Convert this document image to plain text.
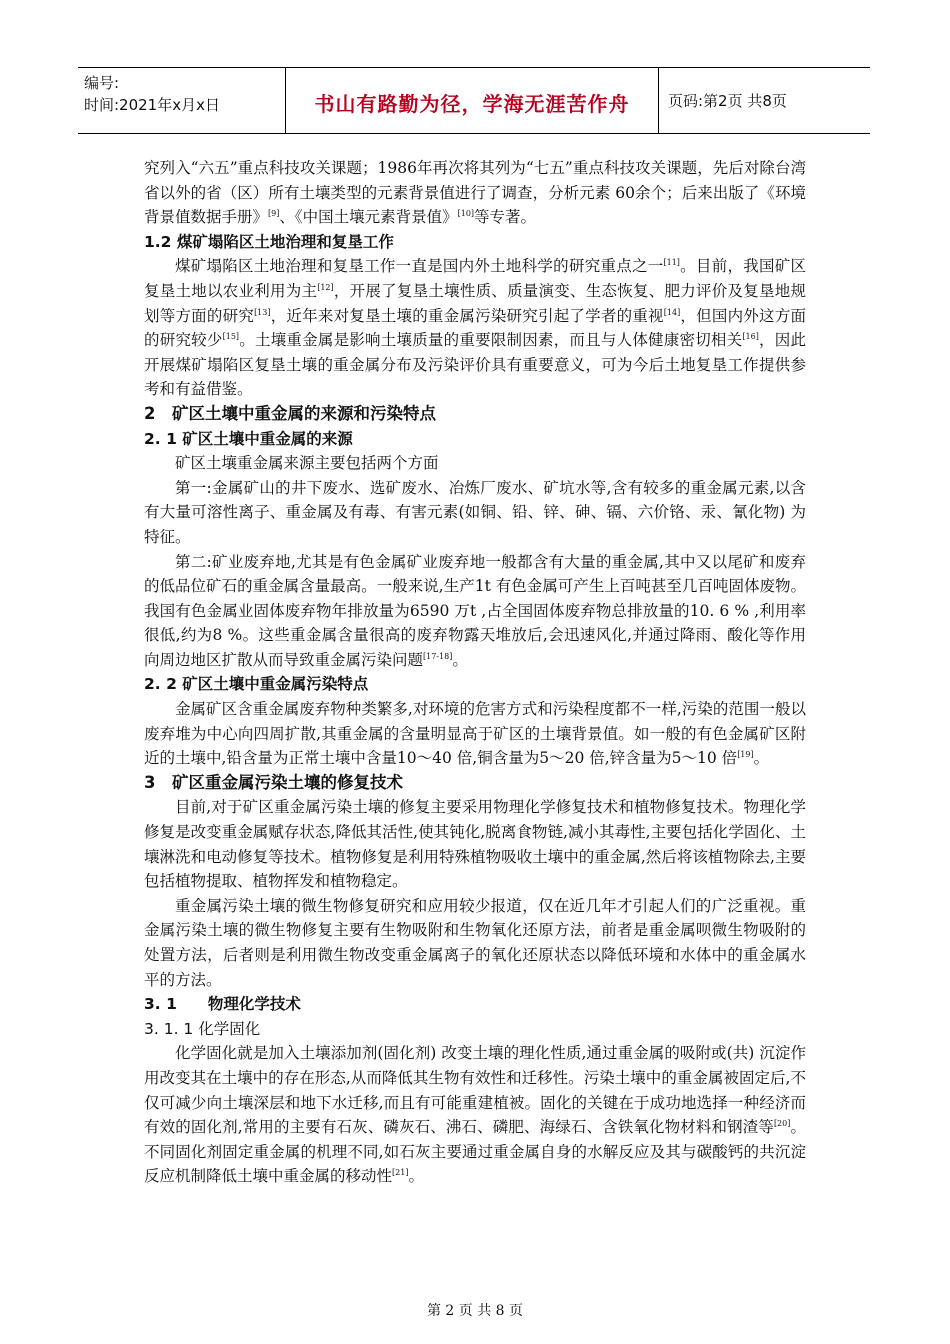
编号:
时间:2021年x月x日	书山有路勤为径，学海无涯苦作舟	页码:第2页 共8页

究列入“六五”重点科技攻关课题；1986年再次将其列为“七五”重点科技攻关课题，先后对除台湾省以外的省（区）所有土壤类型的元素背景值进行了调查，分析元素 60余个；后来出版了《环境背景值数据手册》[9]、《中国土壤元素背景值》[10]等专著。

1.2 煤矿塌陷区土地治理和复垦工作

煤矿塌陷区土地治理和复垦工作一直是国内外土地科学的研究重点之一[11]。目前，我国矿区复垦土地以农业利用为主[12]，开展了复垦土壤性质、质量演变、生态恢复、肥力评价及复垦地规划等方面的研究[13]，近年来对复垦土壤的重金属污染研究引起了学者的重视[14]，但国内外这方面的研究较少[15]。土壤重金属是影响土壤质量的重要限制因素，而且与人体健康密切相关[16]，因此开展煤矿塌陷区复垦土壤的重金属分布及污染评价具有重要意义，可为今后土地复垦工作提供参考和有益借鉴。

2　矿区土壤中重金属的来源和污染特点

2. 1 矿区土壤中重金属的来源

矿区土壤重金属来源主要包括两个方面

第一:金属矿山的井下废水、选矿废水、冶炼厂废水、矿坑水等,含有较多的重金属元素,以含有大量可溶性离子、重金属及有毒、有害元素(如铜、铅、锌、砷、镉、六价铬、汞、氰化物) 为特征。

第二:矿业废弃地,尤其是有色金属矿业废弃地一般都含有大量的重金属,其中又以尾矿和废弃的低品位矿石的重金属含量最高。一般来说,生产1t 有色金属可产生上百吨甚至几百吨固体废物。我国有色金属业固体废弃物年排放量为6590 万t ,占全国固体废弃物总排放量的10. 6 % ,利用率很低,约为8 %。这些重金属含量很高的废弃物露天堆放后,会迅速风化,并通过降雨、酸化等作用向周边地区扩散从而导致重金属污染问题[17-18]。

2. 2 矿区土壤中重金属污染特点

金属矿区含重金属废弃物种类繁多,对环境的危害方式和污染程度都不一样,污染的范围一般以废弃堆为中心向四周扩散,其重金属的含量明显高于矿区的土壤背景值。如一般的有色金属矿区附近的土壤中,铅含量为正常土壤中含量10～40 倍,铜含量为5～20 倍,锌含量为5～10 倍[19]。

3　矿区重金属污染土壤的修复技术

目前,对于矿区重金属污染土壤的修复主要采用物理化学修复技术和植物修复技术。物理化学修复是改变重金属赋存状态,降低其活性,使其钝化,脱离食物链,减小其毒性,主要包括化学固化、土壤淋洗和电动修复等技术。植物修复是利用特殊植物吸收土壤中的重金属,然后将该植物除去,主要包括植物提取、植物挥发和植物稳定。

重金属污染土壤的微生物修复研究和应用较少报道，仅在近几年才引起人们的广泛重视。重金属污染土壤的微生物修复主要有生物吸附和生物氧化还原方法，前者是重金属呗微生物吸附的处置方法，后者则是利用微生物改变重金属离子的氧化还原状态以降低环境和水体中的重金属水平的方法。

3. 1　　物理化学技术

3. 1. 1 化学固化

化学固化就是加入土壤添加剂(固化剂) 改变土壤的理化性质,通过重金属的吸附或(共) 沉淀作用改变其在土壤中的存在形态,从而降低其生物有效性和迁移性。污染土壤中的重金属被固定后,不仅可减少向土壤深层和地下水迁移,而且有可能重建植被。固化的关键在于成功地选择一种经济而有效的固化剂,常用的主要有石灰、磷灰石、沸石、磷肥、海绿石、含铁氧化物材料和钢渣等[20]。不同固化剂固定重金属的机理不同,如石灰主要通过重金属自身的水解反应及其与碳酸钙的共沉淀反应机制降低土壤中重金属的移动性[21]。

第 2 页 共 8 页
